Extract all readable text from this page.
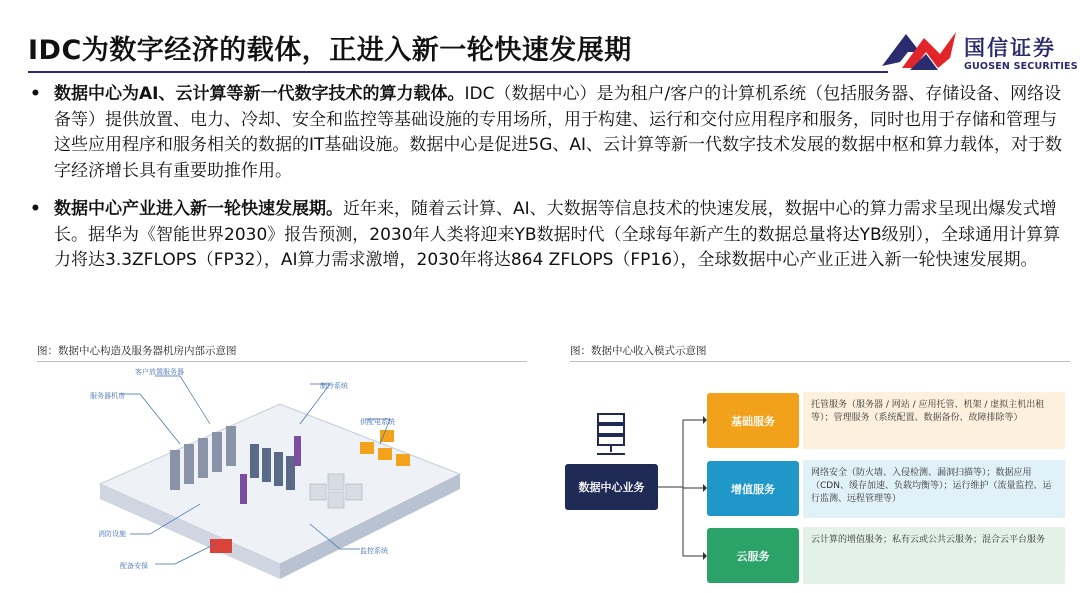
IDC为数字经济的载体，正进入新一轮快速发展期	国信证券
GUOSEN SECURITIES
• 数据中心为AI、云计算等新一代数字技术的算力载体。IDC（数据中心）是为租户/客户的计算机系统（包括服务器、存储设备、网络设备等）提供放置、电力、冷却、安全和监控等基础设施的专用场所，用于构建、运行和交付应用程序和服务，同时也用于存储和管理与这些应用程序和服务相关的数据的IT基础设施。数据中心是促进5G、AI、云计算等新一代数字技术发展的数据中枢和算力载体，对于数字经济增长具有重要助推作用。
• 数据中心产业进入新一轮快速发展期。近年来，随着云计算、AI、大数据等信息技术的快速发展，数据中心的算力需求呈现出爆发式增长。据华为《智能世界2030》报告预测，2030年人类将迎来YB数据时代（全球每年新产生的数据总量将达YB级别），全球通用计算算力将达3.3ZFLOPS（FP32），AI算力需求激增，2030年将达864 ZFLOPS（FP16），全球数据中心产业正进入新一轮快速发展期。
图：数据中心构造及服务器机房内部示意图	图：数据中心收入模式示意图
客户放置服务器
服务器机房
制冷系统
供配电系统
消防设施
配备安保
监控系统
数据中心业务
基础服务
托管服务（服务器 / 网站 / 应用托管、机架 / 虚拟主机出租等）；管理服务（系统配置、数据备份、故障排除等）
增值服务
网络安全（防火墙、入侵检测、漏洞扫描等）；数据应用（CDN、缓存加速、负载均衡等）；运行维护（流量监控、运行监测、远程管理等）
云服务
云计算的增值服务；私有云或公共云服务；混合云平台服务
